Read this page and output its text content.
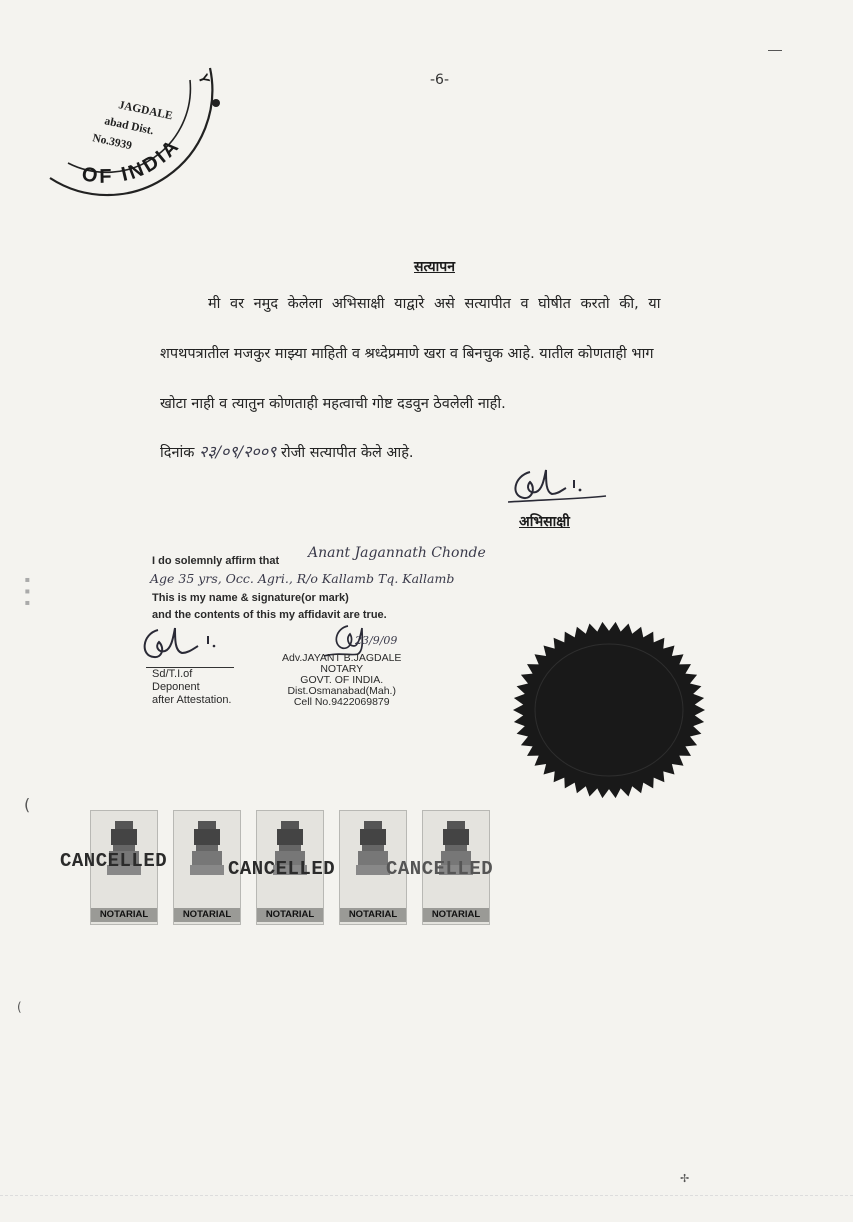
-6-
OF INDIA
Y
JAGDALE
abad Dist.
No.3939
सत्यापन
मी वर नमुद केलेला अभिसाक्षी याद्वारे असे सत्यापीत व घोषीत करतो की, या
शपथपत्रातील मजकुर माझ्या माहिती व श्रध्देप्रमाणे खरा व बिनचुक आहे. यातील कोणताही भाग
खोटा नाही व त्यातुन कोणताही महत्वाची गोष्ट दडवुन ठेवलेली नाही.
दिनांक २३/०९/२००९ रोजी सत्यापीत केले आहे.
अभिसाक्षी
I do solemnly affirm that Anant Jagannath Chonde
Age 35 yrs, Occ. Agri., R/o Kallamb Tq. Kallamb
This is my name & signature(or mark)
and the contents of this my affidavit are true.
Sd/T.I.of
Deponent
after Attestation.
23/9/09
Adv.JAYANT B.JAGDALE
NOTARY
GOVT. OF INDIA.
Dist.Osmanabad(Mah.)
Cell No.9422069879
▪ ▪ ▪
NOTARIAL	NOTARIAL	NOTARIAL	NOTARIAL	NOTARIAL
CANCELLED	CANCELLED	CANCELLED
(
(
✢
